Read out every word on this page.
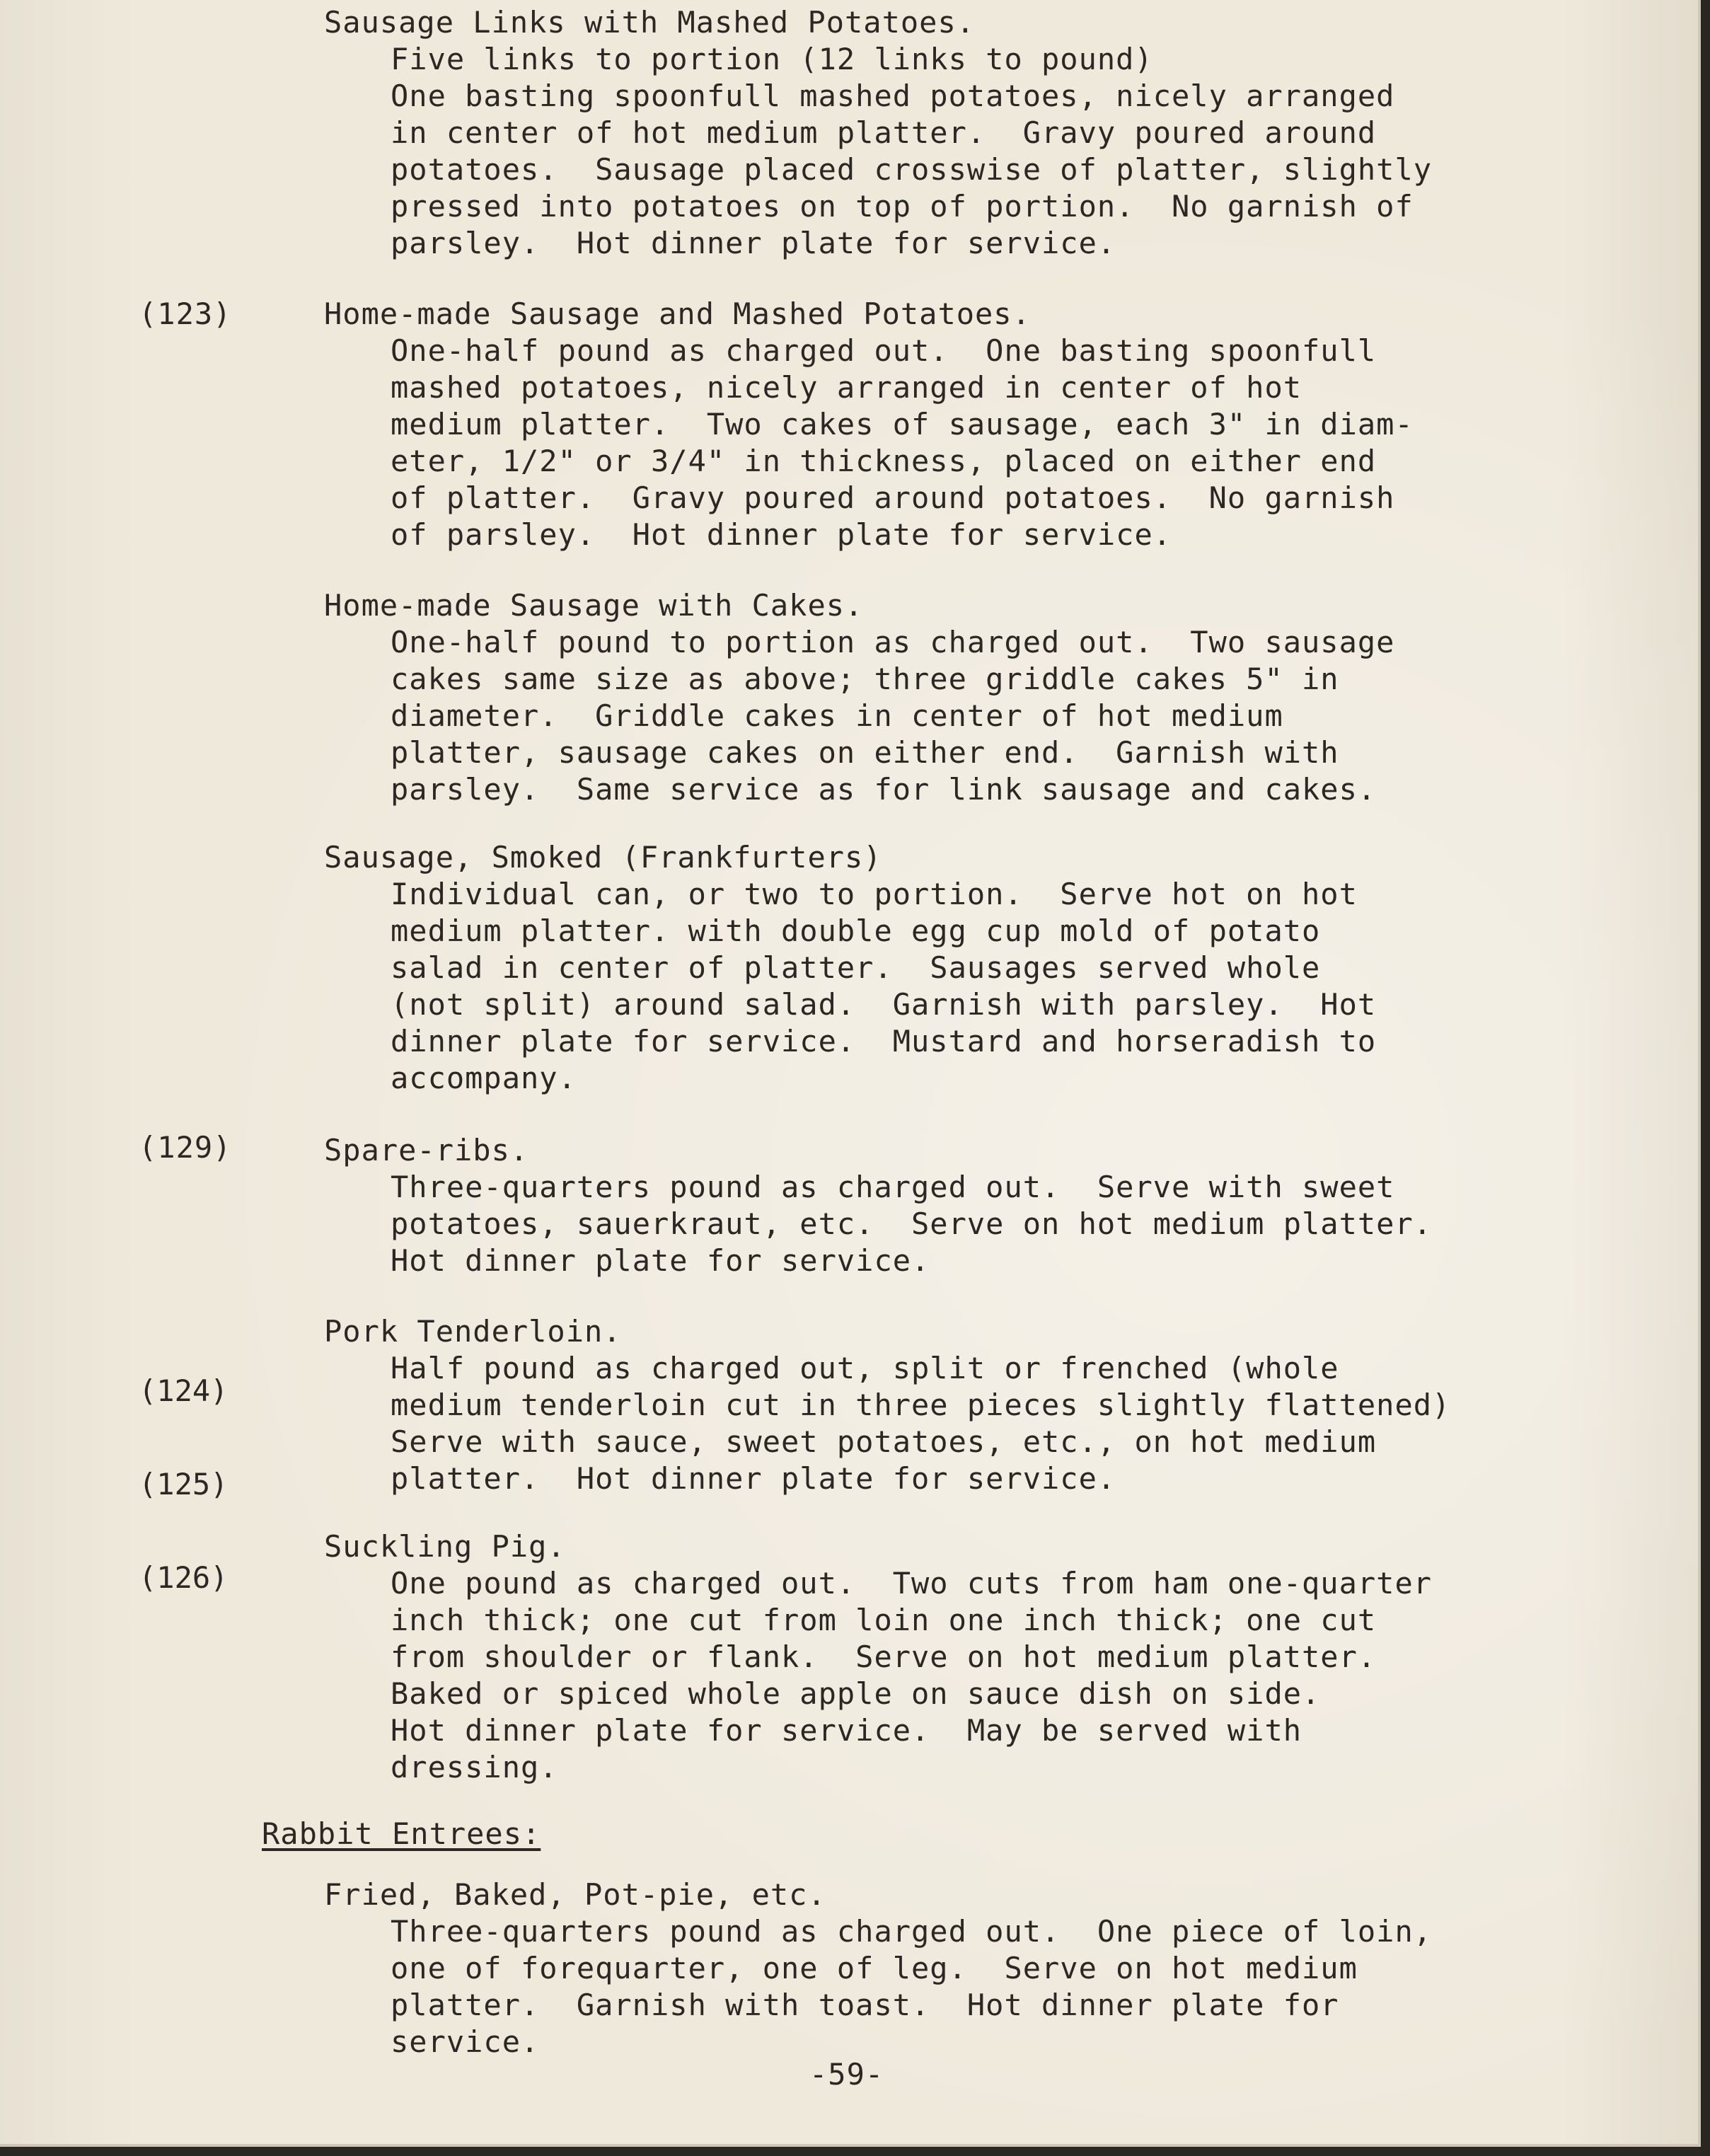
Sausage Links with Mashed Potatoes.

Five links to portion (12 links to pound)

One basting spoonfull mashed potatoes, nicely arranged

in center of hot medium platter.  Gravy poured around

potatoes.  Sausage placed crosswise of platter, slightly

pressed into potatoes on top of portion.  No garnish of

parsley.  Hot dinner plate for service.

(123)

	Home-made Sausage and Mashed Potatoes.

One-half pound as charged out.  One basting spoonfull

mashed potatoes, nicely arranged in center of hot

medium platter.  Two cakes of sausage, each 3" in diam-

eter, 1/2" or 3/4" in thickness, placed on either end

of platter.  Gravy poured around potatoes.  No garnish

of parsley.  Hot dinner plate for service.

Home-made Sausage with Cakes.

One-half pound to portion as charged out.  Two sausage

cakes same size as above; three griddle cakes 5" in

diameter.  Griddle cakes in center of hot medium

platter, sausage cakes on either end.  Garnish with

parsley.  Same service as for link sausage and cakes.

Sausage, Smoked (Frankfurters)

Individual can, or two to portion.  Serve hot on hot

medium platter. with double egg cup mold of potato

salad in center of platter.  Sausages served whole

(not split) around salad.  Garnish with parsley.  Hot

dinner plate for service.  Mustard and horseradish to

accompany.

(129)

	Spare-ribs.

Three-quarters pound as charged out.  Serve with sweet

potatoes, sauerkraut, etc.  Serve on hot medium platter.

Hot dinner plate for service.

(124)

(125)

(126)

Pork Tenderloin.

Half pound as charged out, split or frenched (whole

medium tenderloin cut in three pieces slightly flattened)

Serve with sauce, sweet potatoes, etc., on hot medium

platter.  Hot dinner plate for service.

Suckling Pig.

One pound as charged out.  Two cuts from ham one-quarter

inch thick; one cut from loin one inch thick; one cut

from shoulder or flank.  Serve on hot medium platter.

Baked or spiced whole apple on sauce dish on side.

Hot dinner plate for service.  May be served with

dressing.

Rabbit Entrees:

Fried, Baked, Pot-pie, etc.

Three-quarters pound as charged out.  One piece of loin,

one of forequarter, one of leg.  Serve on hot medium

platter.  Garnish with toast.  Hot dinner plate for

service.

-59-
